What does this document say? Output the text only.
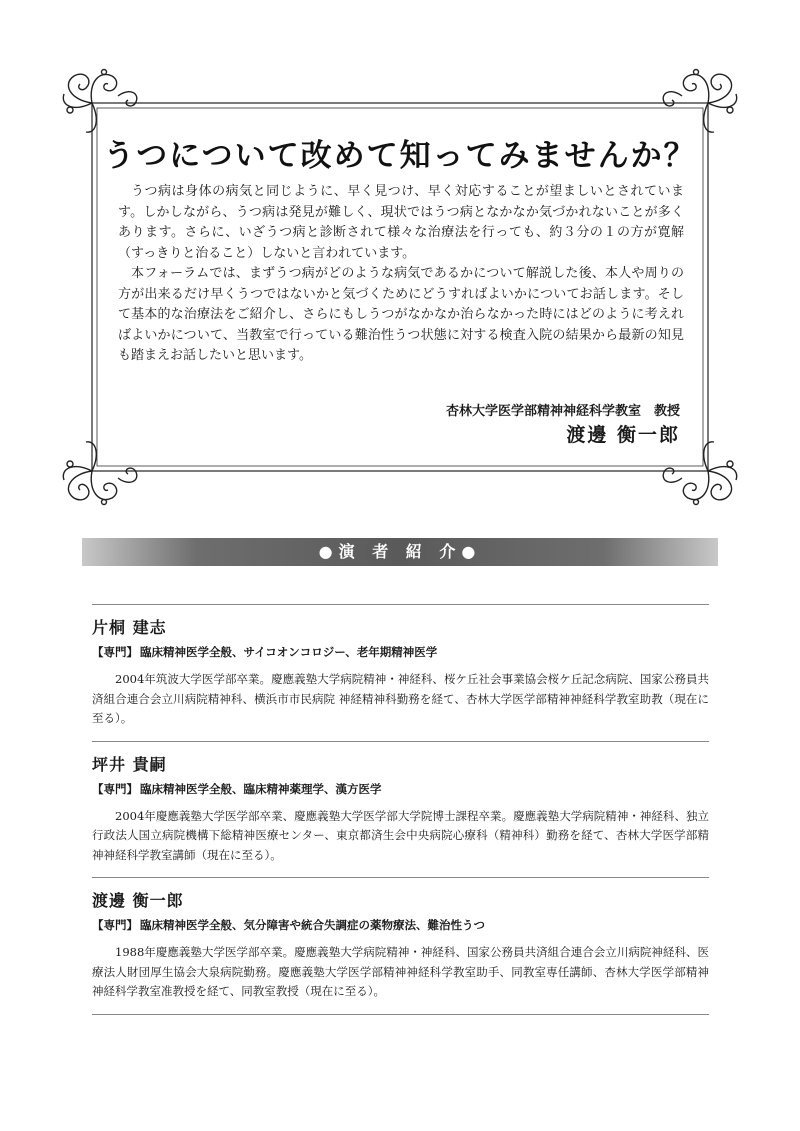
うつについて改めて知ってみませんか？

うつ病は身体の病気と同じように、早く見つけ、早く対応することが望ましいとされています。しかしながら、うつ病は発見が難しく、現状ではうつ病となかなか気づかれないことが多くあります。さらに、いざうつ病と診断されて様々な治療法を行っても、約３分の１の方が寛解（すっきりと治ること）しないと言われています。

本フォーラムでは、まずうつ病がどのような病気であるかについて解説した後、本人や周りの方が出来るだけ早くうつではないかと気づくためにどうすればよいかについてお話します。そして基本的な治療法をご紹介し、さらにもしうつがなかなか治らなかった時にはどのように考えればよいかについて、当教室で行っている難治性うつ状態に対する検査入院の結果から最新の知見も踏まえお話したいと思います。

杏林大学医学部精神神経科学教室　教授

渡邊 衡一郎

●演 者 紹 介●

片桐 建志

【専門】 臨床精神医学全般、サイコオンコロジー、老年期精神医学

2004年筑波大学医学部卒業。慶應義塾大学病院精神・神経科、桜ケ丘社会事業協会桜ケ丘記念病院、国家公務員共済組合連合会立川病院精神科、横浜市市民病院 神経精神科勤務を経て、杏林大学医学部精神神経科学教室助教（現在に至る）。

坪井 貴嗣

【専門】 臨床精神医学全般、臨床精神薬理学、漢方医学

2004年慶應義塾大学医学部卒業、慶應義塾大学医学部大学院博士課程卒業。慶應義塾大学病院精神・神経科、独立行政法人国立病院機構下総精神医療センター、東京都済生会中央病院心療科（精神科）勤務を経て、杏林大学医学部精神神経科学教室講師（現在に至る）。

渡邊 衡一郎

【専門】 臨床精神医学全般、気分障害や統合失調症の薬物療法、難治性うつ

1988年慶應義塾大学医学部卒業。慶應義塾大学病院精神・神経科、国家公務員共済組合連合会立川病院神経科、医療法人財団厚生協会大泉病院勤務。慶應義塾大学医学部精神神経科学教室助手、同教室専任講師、杏林大学医学部精神神経科学教室准教授を経て、同教室教授（現在に至る）。
